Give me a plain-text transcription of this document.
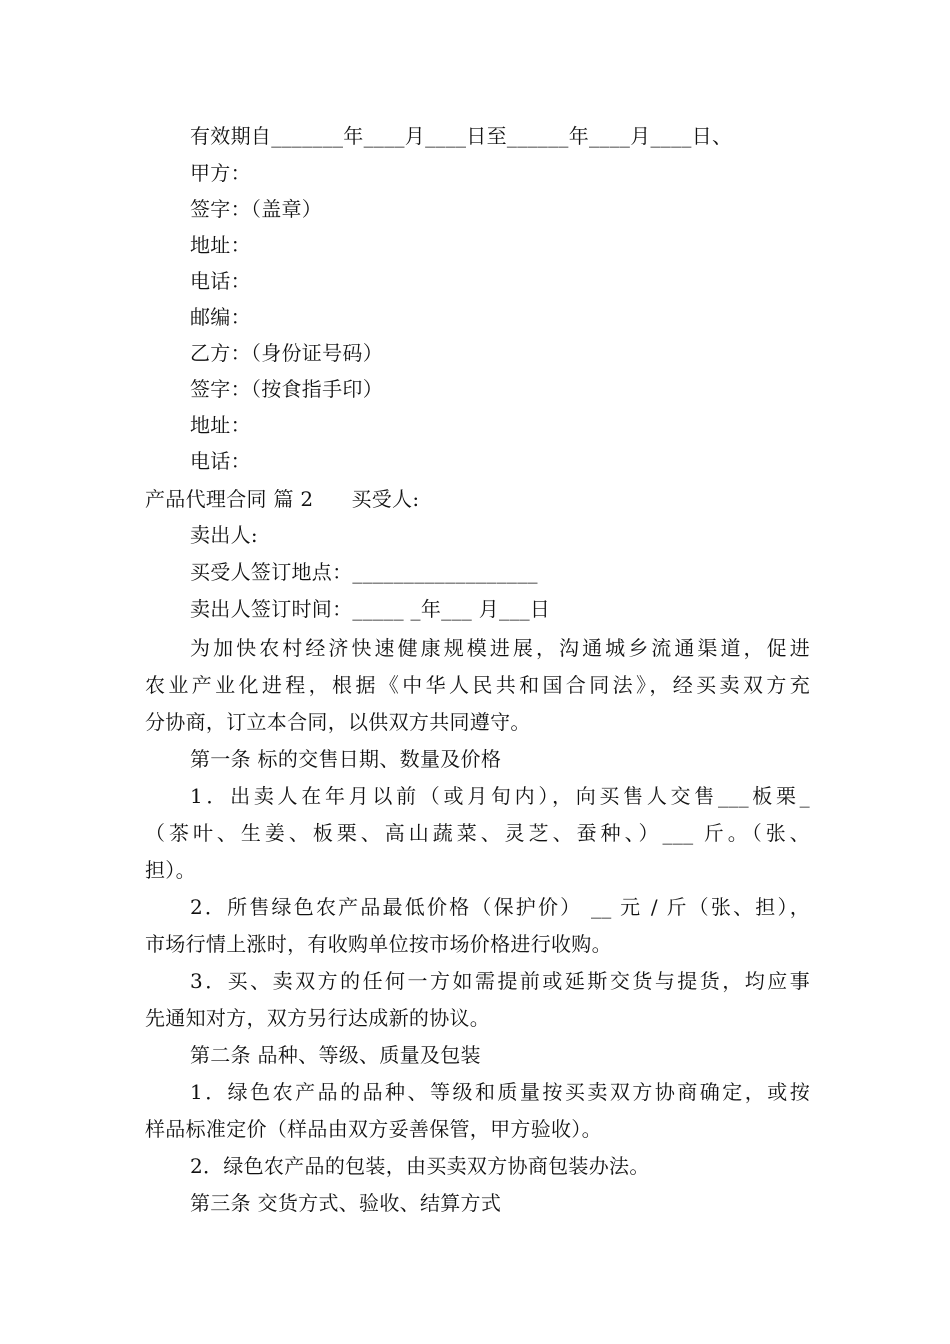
有效期自_______年____月____日至______年____月____日、
甲方：
签字：（盖章）
地址：
电话：
邮编：
乙方：（身份证号码）
签字：（按食指手印）
地址：
电话：
产品代理合同 篇 2 买受人:
卖出人:
买受人签订地点：__________________
卖出人签订时间：_____ _年___ 月___日
为加快农村经济快速健康规模进展，沟通城乡流通渠道，促进
农业产业化进程，根据《中华人民共和国合同法》，经买卖双方充
分协商，订立本合同，以供双方共同遵守。
第一条 标的交售日期、数量及价格
1．出卖人在年月以前（或月旬内），向买售人交售___板栗_
（茶叶、生姜、板栗、高山蔬菜、灵芝、蚕种、）___ 斤。（张、
担）。
2．所售绿色农产品最低价格（保护价） __ 元 / 斤（张、担），
市场行情上涨时，有收购单位按市场价格进行收购。
3．买、卖双方的任何一方如需提前或延斯交货与提货，均应事
先通知对方，双方另行达成新的协议。
第二条 品种、等级、质量及包装
1．绿色农产品的品种、等级和质量按买卖双方协商确定，或按
样品标准定价（样品由双方妥善保管，甲方验收）。
2．绿色农产品的包装，由买卖双方协商包装办法。
第三条 交货方式、验收、结算方式
